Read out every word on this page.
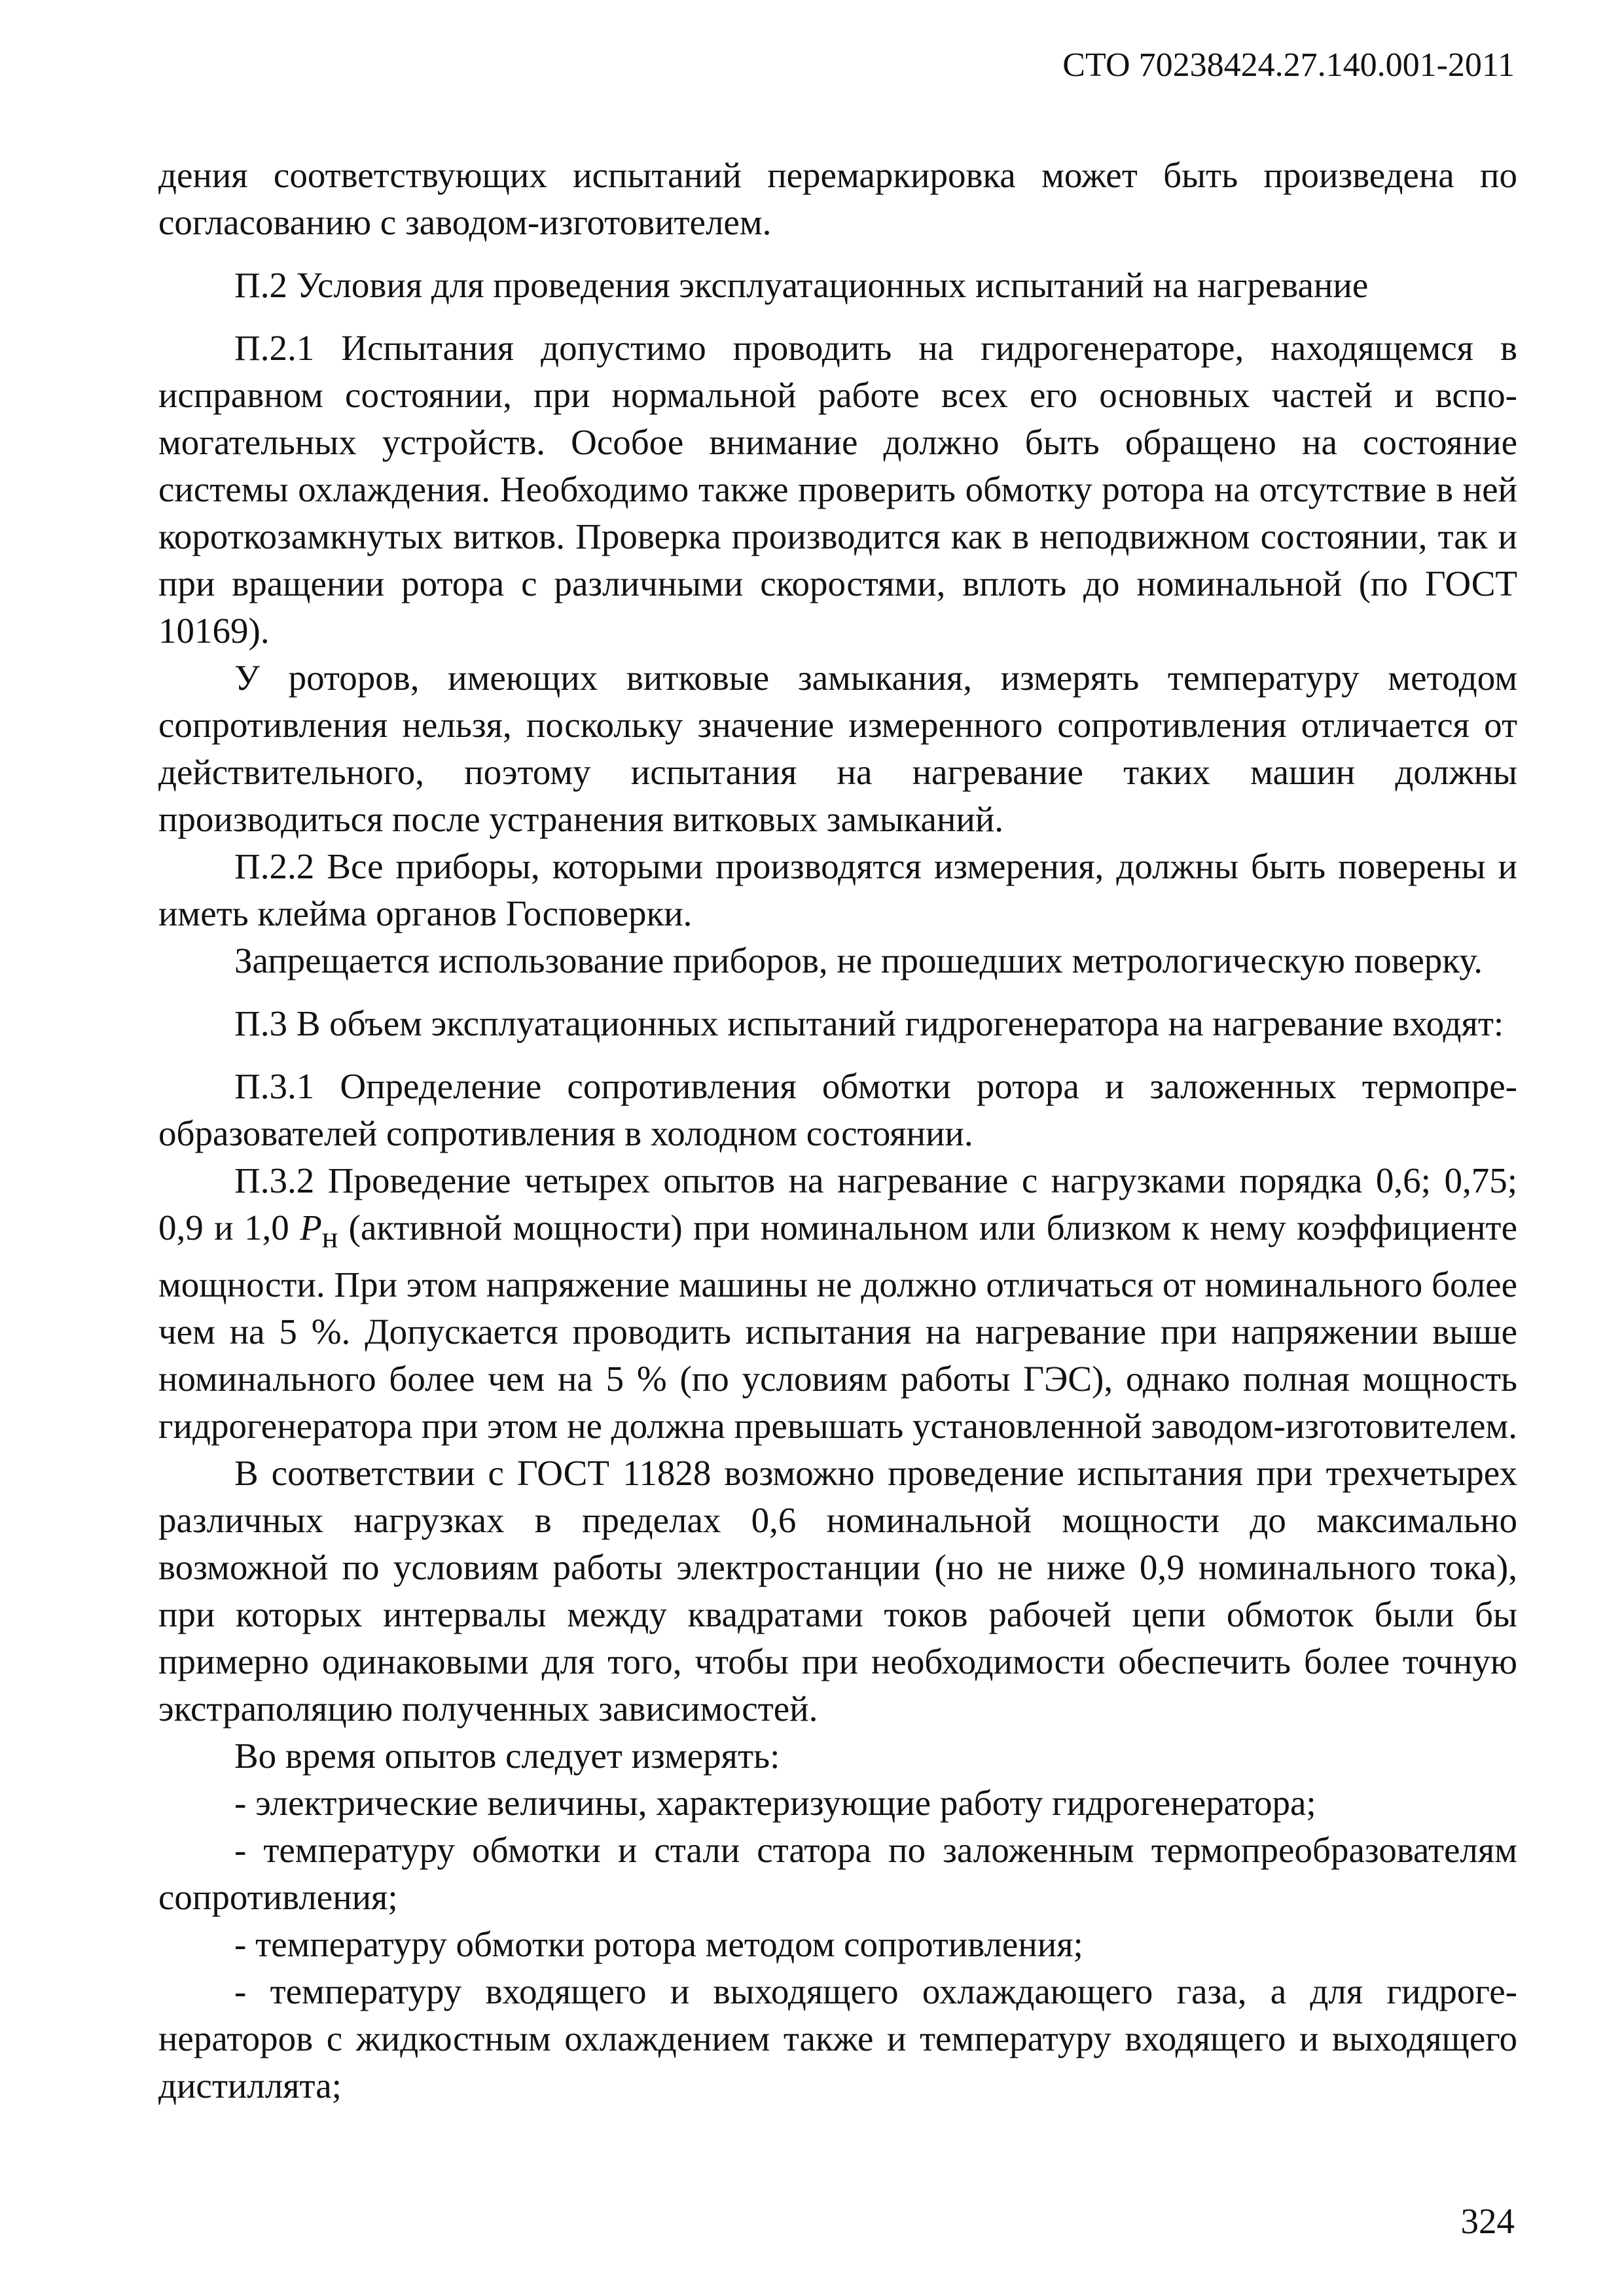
СТО 70238424.27.140.001-2011

дения соответствующих испытаний перемаркировка может быть произведена по согласованию с заводом-изготовителем.

П.2 Условия для проведения эксплуатационных испытаний на нагревание

П.2.1 Испытания допустимо проводить на гидрогенераторе, находящемся в исправном состоянии, при нормальной работе всех его основных частей и вспомогательных устройств. Особое внимание должно быть обращено на состояние системы охлаждения. Необходимо также проверить обмотку ротора на отсутствие в ней короткозамкнутых витков. Проверка производится как в неподвижном состоянии, так и при вращении ротора с различными скоростями, вплоть до номинальной (по ГОСТ 10169).

У роторов, имеющих витковые замыкания, измерять температуру методом сопротивления нельзя, поскольку значение измеренного сопротивления отличается от действительного, поэтому испытания на нагревание таких машин должны производиться после устранения витковых замыканий.

П.2.2 Все приборы, которыми производятся измерения, должны быть поверены и иметь клейма органов Госповерки.

Запрещается использование приборов, не прошедших метрологическую поверку.

П.3 В объем эксплуатационных испытаний гидрогенератора на нагревание входят:

П.3.1 Определение сопротивления обмотки ротора и заложенных термопреобразователей сопротивления в холодном состоянии.

П.3.2 Проведение четырех опытов на нагревание с нагрузками порядка 0,6; 0,75; 0,9 и 1,0 $P_н$ (активной мощности) при номинальном или близком к нему коэффициенте мощности. При этом напряжение машины не должно отличаться от номинального более чем на 5 %. Допускается проводить испытания на нагревание при напряжении выше номинального более чем на 5 % (по условиям работы ГЭС), однако полная мощность гидрогенератора при этом не должна превышать установленной заводом-изготовителем.

В соответствии с ГОСТ 11828 возможно проведение испытания при трехчетырех различных нагрузках в пределах 0,6 номинальной мощности до максимально возможной по условиям работы электростанции (но не ниже 0,9 номинального тока), при которых интервалы между квадратами токов рабочей цепи обмоток были бы примерно одинаковыми для того, чтобы при необходимости обеспечить более точную экстраполяцию полученных зависимостей.

Во время опытов следует измерять:

- электрические величины, характеризующие работу гидрогенератора;

- температуру обмотки и стали статора по заложенным термопреобразователям сопротивления;

- температуру обмотки ротора методом сопротивления;

- температуру входящего и выходящего охлаждающего газа, а для гидрогенераторов с жидкостным охлаждением также и температуру входящего и выходящего дистиллята;

324
